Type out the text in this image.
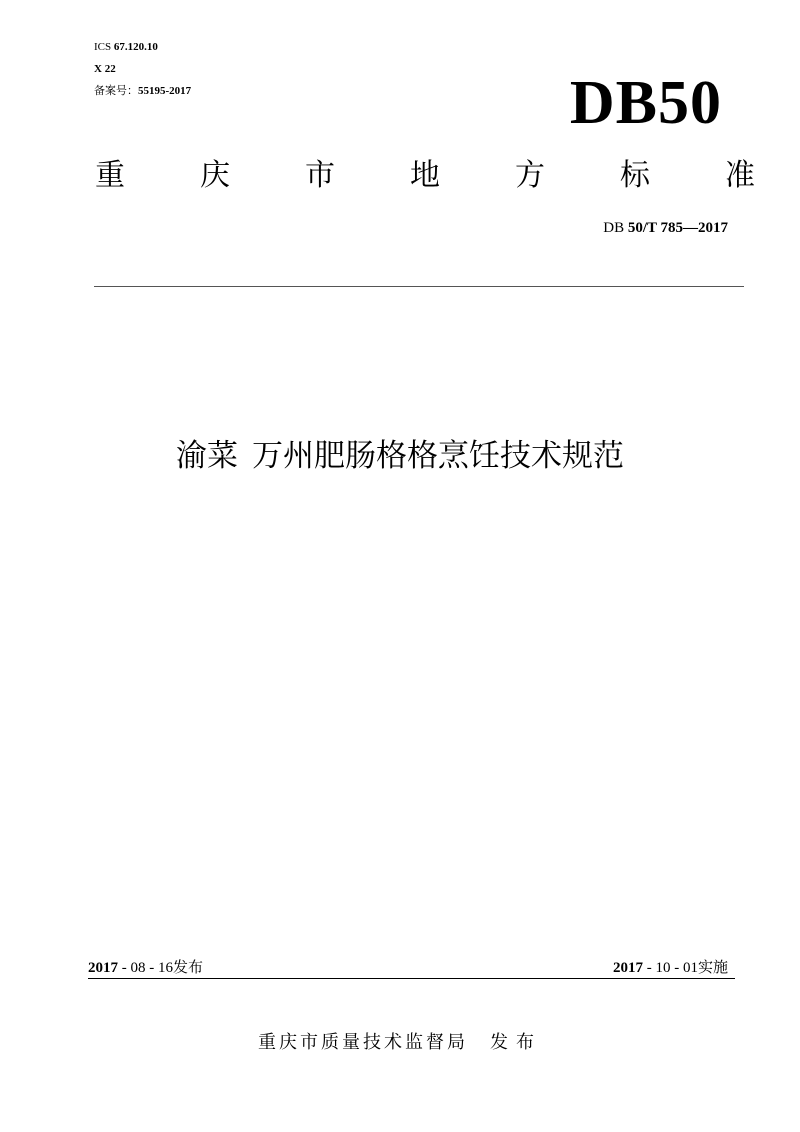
ICS 67.120.10
X 22
备案号：55195-2017	DB50
重	庆	市	地	方	标	准
DB 50/T 785—2017
渝菜 万州肥肠格格烹饪技术规范
2017 - 08 - 16发布	2017 - 10 - 01实施
重庆市质量技术监督局 发布
